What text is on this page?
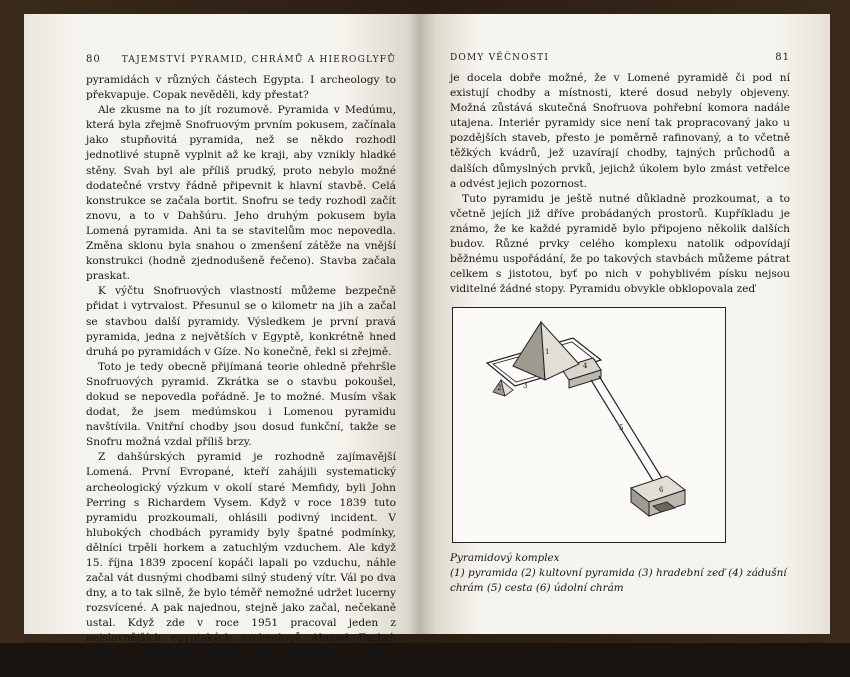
80 TAJEMSTVÍ PYRAMID, CHRÁMŮ A HIEROGLYFŮ

pyramidách v různých částech Egypta. I archeology to překvapuje. Copak nevěděli, kdy přestat?

Ale zkusme na to jít rozumově. Pyramida v Medúmu, která byla zřejmě Snofruovým prvním pokusem, začínala jako stupňovitá pyramida, než se někdo rozhodl jednotlivé stupně vyplnit až ke kraji, aby vznikly hladké stěny. Svah byl ale příliš prudký, proto nebylo možné dodatečné vrstvy řádně připevnit k hlavní stavbě. Celá konstrukce se začala bortit. Snofru se tedy rozhodl začít znovu, a to v Dahšúru. Jeho druhým pokusem byla Lomená pyramida. Ani ta se stavitelům moc nepovedla. Změna sklonu byla snahou o zmenšení zátěže na vnější konstrukci (hodně zjednodušeně řečeno). Stavba začala praskat.

K výčtu Snofruových vlastností můžeme bezpečně přidat i vytrvalost. Přesunul se o kilometr na jih a začal se stavbou další pyramidy. Výsledkem je první pravá pyramida, jedna z největších v Egyptě, konkrétně hned druhá po pyramidách v Gíze. No konečně, řekl si zřejmě.

Toto je tedy obecně přijímaná teorie ohledně přehršle Snofruových pyramid. Zkrátka se o stavbu pokoušel, dokud se nepovedla pořádně. Je to možné. Musím však dodat, že jsem medúmskou i Lomenou pyramidu navštívila. Vnitřní chodby jsou dosud funkční, takže se Snofru možná vzdal příliš brzy.

Z dahšúrských pyramid je rozhodně zajímavější Lomená. První Evropané, kteří zahájili systematický archeologický výzkum v okolí staré Memfidy, byli John Perring s Richardem Vysem. Když v roce 1839 tuto pyramidu prozkoumali, ohlásili podivný incident. V hlubokých chodbách pyramidy byly špatné podmínky, dělníci trpěli horkem a zatuchlým vzduchem. Ale když 15. října 1839 zpocení kopáči lapali po vzduchu, náhle začal vát dusnými chodbami silný studený vítr. Vál po dva dny, a to tak silně, že bylo téměř nemožné udržet lucerny rozsvícené. A pak najednou, stejně jako začal, nečekaně ustal. Když zde v roce 1951 pracoval jeden z nejslavnějších egyptských archeologů Ahmad Fachrí, slyšel v chodbách zvláštní zvuky. Vzhledem k těmto okolnostem

DOMY VĚČNOSTI	81

je docela dobře možné, že v Lomené pyramidě či pod ní existují chodby a místnosti, které dosud nebyly objeveny. Možná zůstává skutečná Snofruova pohřební komora nadále utajena. Interiér pyramidy sice není tak propracovaný jako u pozdějších staveb, přesto je poměrně rafinovaný, a to včetně těžkých kvádrů, jež uzavírají chodby, tajných průchodů a dalších důmyslných prvků, jejichž úkolem bylo zmást vetřelce a odvést jejich pozornost.

Tuto pyramidu je ještě nutné důkladně prozkoumat, a to včetně jejích již dříve probádaných prostorů. Kupříkladu je známo, že ke každé pyramidě bylo připojeno několik dalších budov. Různé prvky celého komplexu natolik odpovídají běžnému uspořádání, že po takových stavbách můžeme pátrat celkem s jistotou, byť po nich v pohyblivém písku nejsou viditelné žádné stopy. Pyramidu obvykle obklopovala zeď

1
2	3
4
5
6
Pyramidový komplex
(1) pyramida (2) kultovní pyramida (3) hradební zeď (4) zádušní chrám (5) cesta (6) údolní chrám
